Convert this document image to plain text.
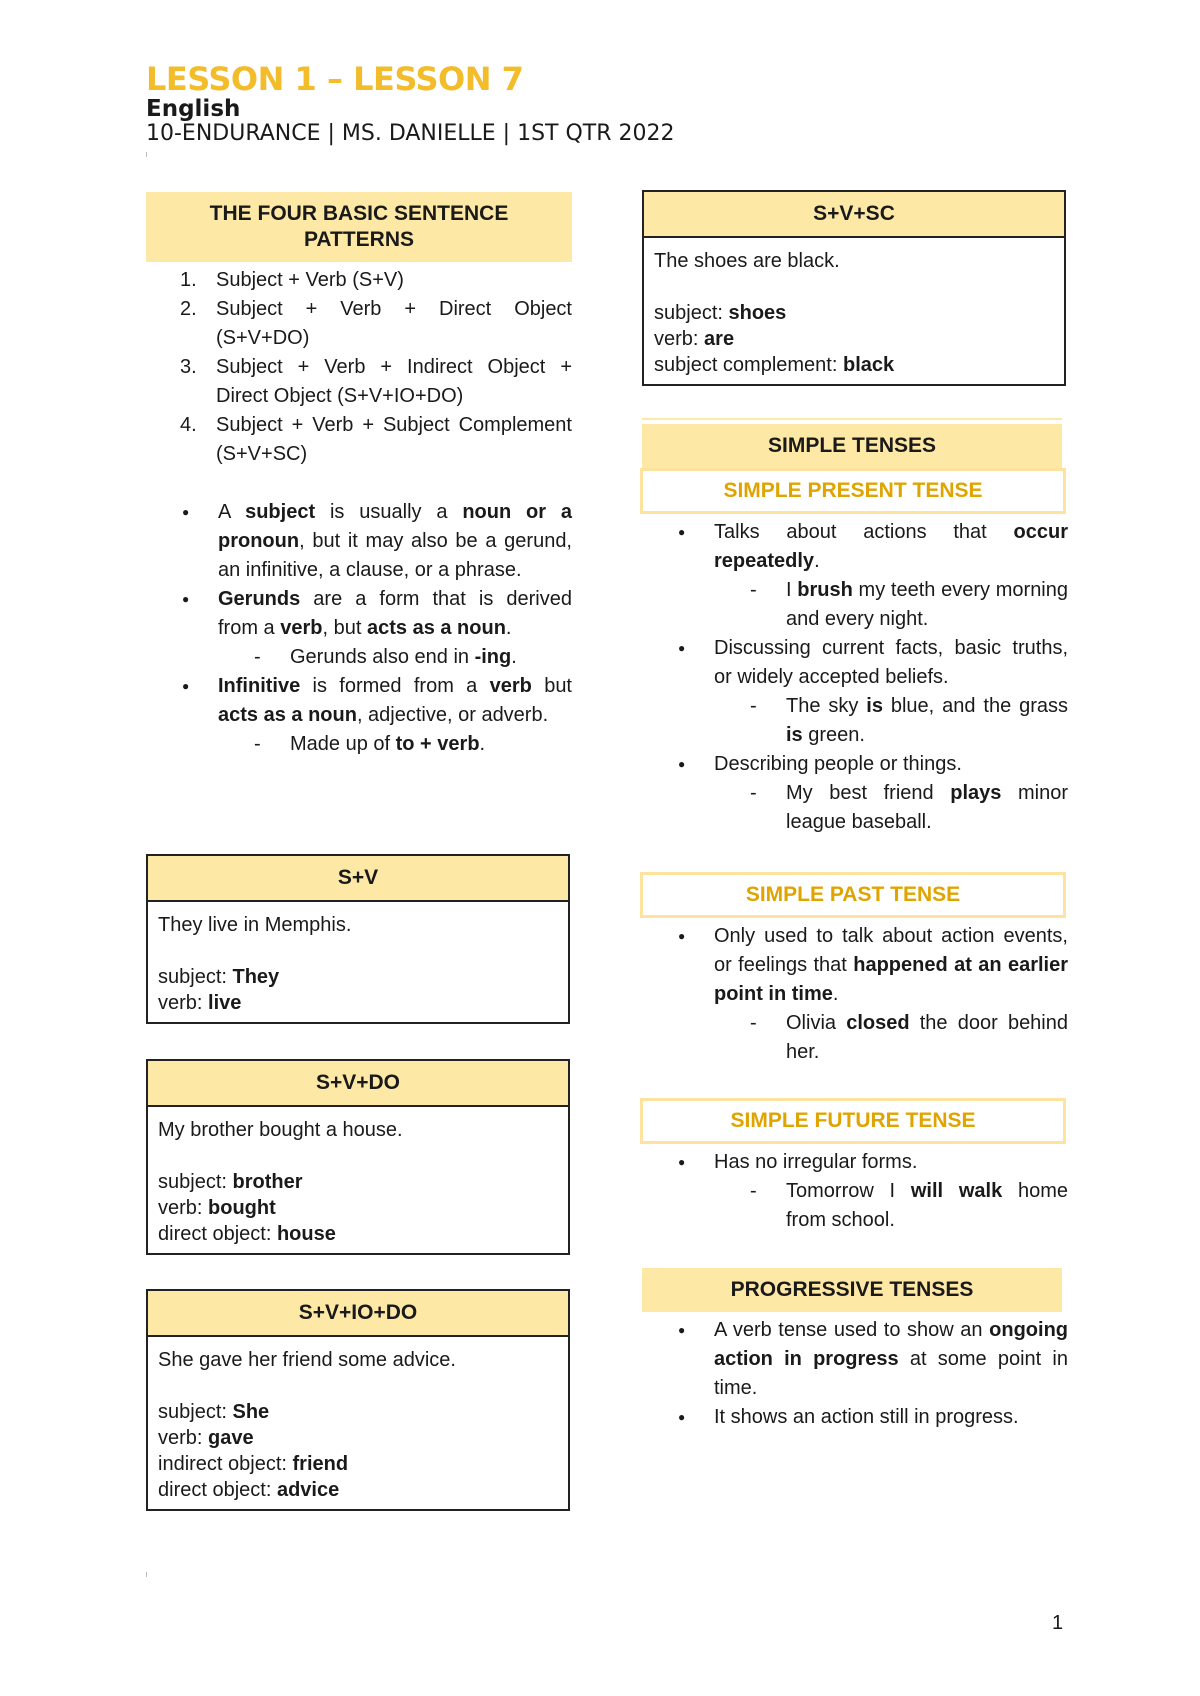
LESSON 1 – LESSON 7
English
10-ENDURANCE | MS. DANIELLE | 1ST QTR 2022
THE FOUR BASIC SENTENCE PATTERNS
1. Subject + Verb (S+V)
2. Subject + Verb + Direct Object (S+V+DO)
3. Subject + Verb + Indirect Object + Direct Object (S+V+IO+DO)
4. Subject + Verb + Subject Complement (S+V+SC)
● A subject is usually a noun or a pronoun, but it may also be a gerund, an infinitive, a clause, or a phrase.
● Gerunds are a form that is derived from a verb, but acts as a noun.
- Gerunds also end in -ing.
● Infinitive is formed from a verb but acts as a noun, adjective, or adverb.
- Made up of to + verb.
S+V
They live in Memphis.
subject: They
verb: live
S+V+DO
My brother bought a house.
subject: brother
verb: bought
direct object: house
S+V+IO+DO
She gave her friend some advice.
subject: She
verb: gave
indirect object: friend
direct object: advice
S+V+SC
The shoes are black.
subject: shoes
verb: are
subject complement: black
SIMPLE TENSES
SIMPLE PRESENT TENSE
● Talks about actions that occur repeatedly.
- I brush my teeth every morning and every night.
● Discussing current facts, basic truths, or widely accepted beliefs.
- The sky is blue, and the grass is green.
● Describing people or things.
- My best friend plays minor league baseball.
SIMPLE PAST TENSE
● Only used to talk about action events, or feelings that happened at an earlier point in time.
- Olivia closed the door behind her.
SIMPLE FUTURE TENSE
● Has no irregular forms.
- Tomorrow I will walk home from school.
PROGRESSIVE TENSES
● A verb tense used to show an ongoing action in progress at some point in time.
● It shows an action still in progress.
1
